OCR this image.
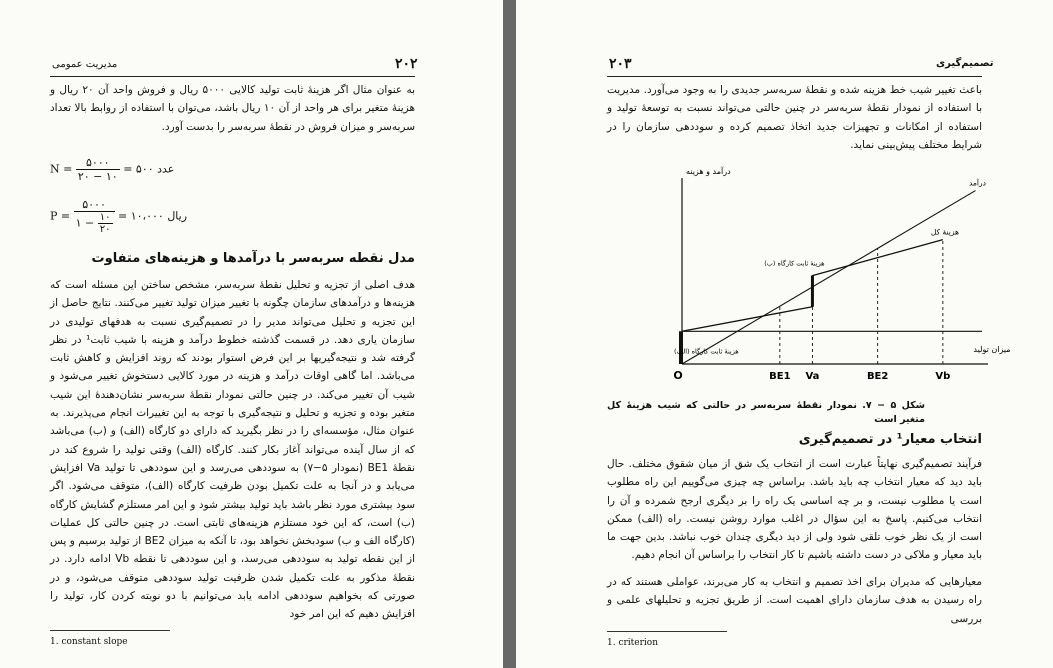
۲۰۲
مدیریت عمومی
به عنوان مثال اگر هزینهٔ ثابت تولید کالایی ۵۰۰۰ ریال و فروش واحد آن ۲۰ ریال و هزینهٔ متغیر برای هر واحد از آن ۱۰ ریال باشد، می‌توان با استفاده از روابط بالا تعداد سربه‌سر و میزان فروش در نقطهٔ سربه‌سر را بدست آورد.
$N = \frac{۵۰۰۰}{۲۰ - ۱۰}$ = ۵۰۰ عدد
$P = \frac{۵۰۰۰}{۱ - \frac{۱۰}{۲۰}}$ = ۱۰،۰۰۰ ریال
مدل نقطه سربه‌سر با درآمدها و هزینه‌های متفاوت
هدف اصلی از تجزیه و تحلیل نقطهٔ سربه‌سر، مشخص ساختن این مسئله است که هزینه‌ها و درآمدهای سازمان چگونه با تغییر میزان تولید تغییر می‌کنند. نتایج حاصل از این تجزیه و تحلیل می‌تواند مدیر را در تصمیم‌گیری نسبت به هدفهای تولیدی در سازمان یاری دهد. در قسمت گذشته خطوط درآمد و هزینه با شیب ثابت¹ در نظر گرفته شد و نتیجه‌گیریها بر این فرض استوار بودند که روند افزایش و کاهش ثابت می‌باشد. اما گاهی اوقات درآمد و هزینه در مورد کالایی دستخوش تغییر می‌شود و شیب آن تغییر می‌کند. در چنین حالتی نمودار نقطهٔ سربه‌سر نشان‌دهندهٔ این شیب متغیر بوده و تجزیه و تحلیل و نتیجه‌گیری با توجه به این تغییرات انجام می‌پذیرند. به عنوان مثال، مؤسسه‌ای را در نظر بگیرید که دارای دو کارگاه (الف) و (ب) می‌باشد که از سال آینده می‌تواند آغاز بکار کنند. کارگاه (الف) وقتی تولید را شروع کند در نقطهٔ BE1 (نمودار ۵−۷) به سوددهی می‌رسد و این سوددهی تا تولید Va افزایش می‌یابد و در آنجا به علت تکمیل بودن ظرفیت کارگاه (الف)، متوقف می‌شود. اگر سود بیشتری مورد نظر باشد باید تولید بیشتر شود و این امر مستلزم گشایش کارگاه (ب) است، که این خود مستلزم هزینه‌های ثابتی است. در چنین حالتی کل عملیات (کارگاه الف و ب) سودبخش نخواهد بود، تا آنکه به میزان BE2 از تولید برسیم و پس از این نقطه تولید به سوددهی می‌رسد، و این سوددهی تا نقطه Vb ادامه دارد. در نقطهٔ مذکور به علت تکمیل شدن ظرفیت تولید سوددهی متوقف می‌شود، و در صورتی که بخواهیم سوددهی ادامه یابد می‌توانیم با دو نوبته کردن کار، تولید را افزایش دهیم که این امر خود
1. constant slope
۲۰۳	تصمیم‌گیری
باعث تغییر شیب خط هزینه شده و نقطهٔ سربه‌سر جدیدی را به وجود می‌آورد. مدیریت با استفاده از نمودار نقطهٔ سربه‌سر در چنین حالتی می‌تواند نسبت به توسعهٔ تولید و استفاده از امکانات و تجهیزات جدید اتخاذ تصمیم کرده و سوددهی سازمان را در شرایط مختلف پیش‌بینی نماید.
درآمد و هزینه
میزان تولید
O
درآمد
هزینهٔ کل
BE1 Va	BE2	Vb
هزینهٔ ثابت کارگاه (الف)
هزینهٔ ثابت کارگاه (ب)
شکل ۵ − ۷. نمودار نقطهٔ سربه‌سر در حالتی که شیب هزینهٔ کل متغیر است
انتخاب معیار¹ در تصمیم‌گیری
فرآیند تصمیم‌گیری نهایتاً عبارت است از انتخاب یک شق از میان شقوق مختلف. حال باید دید که معیار انتخاب چه باید باشد. براساس چه چیزی می‌گوییم این راه مطلوب است یا مطلوب نیست، و بر چه اساسی یک راه را بر دیگری ارجح شمرده و آن را انتخاب می‌کنیم. پاسخ به این سؤال در اغلب موارد روشن نیست. راه (الف) ممکن است از یک نظر خوب تلقی شود ولی از دید دیگری چندان خوب نباشد. بدین جهت ما باید معیار و ملاکی در دست داشته باشیم تا کار انتخاب را براساس آن انجام دهیم.
معیارهایی که مدیران برای اخذ تصمیم و انتخاب به کار می‌برند، عواملی هستند که در راه رسیدن به هدف سازمان دارای اهمیت است. از طریق تجزیه و تحلیلهای علمی و بررسی
1. criterion
